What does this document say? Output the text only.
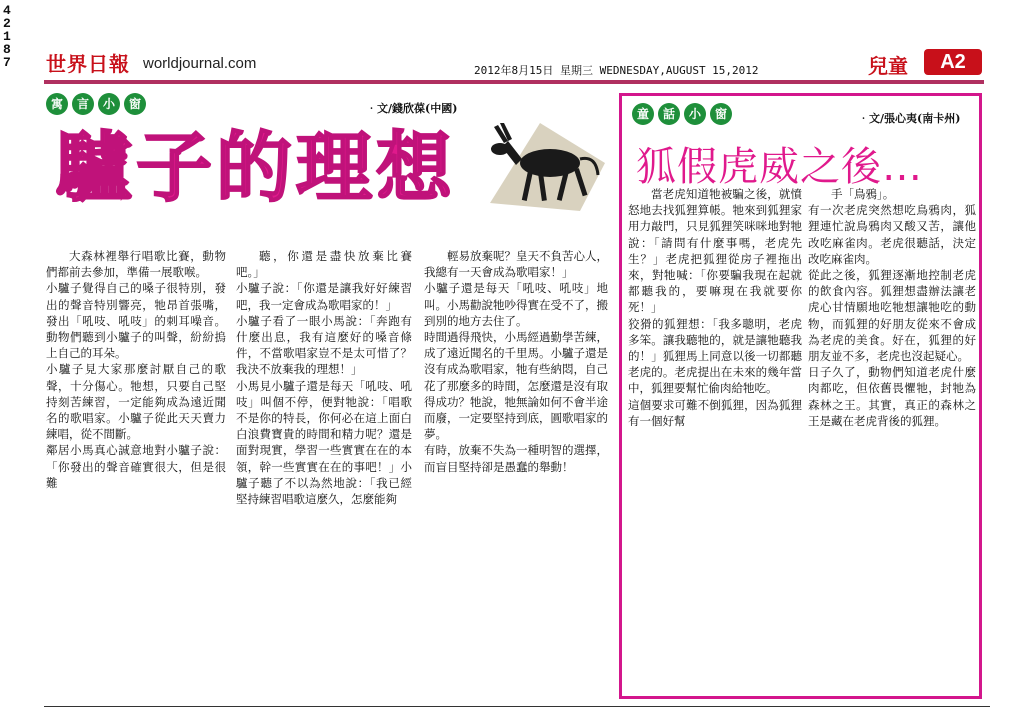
4
2
1
8
7 世界日報 worldjournal.com	2012年8月15日 星期三 WEDNESDAY,AUGUST 15,2012	兒童	A2
寓	言	小	窗	‧文/錢欣葆(中國)
驢子的理想

大森林裡舉行唱歌比賽，動物們都前去參加，準備一展歌喉。
小驢子覺得自己的嗓子很特別，發出的聲音特別響亮，牠昂首張嘴，發出「吼吱、吼吱」的刺耳噪音。動物們聽到小驢子的叫聲，紛紛摀上自己的耳朵。
小驢子見大家那麼討厭自己的歌聲，十分傷心。牠想，只要自己堅持刻苦練習，一定能夠成為遠近聞名的歌唱家。小驢子從此天天賣力練唱，從不間斷。
鄰居小馬真心誠意地對小驢子說：「你發出的聲音確實很大，但是很難

聽，你還是盡快放棄比賽吧。」
小驢子說：「你還是讓我好好練習吧，我一定會成為歌唱家的！」
小驢子看了一眼小馬說：「奔跑有什麼出息，我有這麼好的嗓音條件，不當歌唱家豈不是太可惜了？我決不放棄我的理想！」
小馬見小驢子還是每天「吼吱、吼吱」叫個不停，便對牠說：「唱歌不是你的特長，你何必在這上面白白浪費寶貴的時間和精力呢？還是面對現實，學習一些實實在在的本領，幹一些實實在在的事吧！」小驢子聽了不以為然地說：「我已經堅持練習唱歌這麼久，怎麼能夠

輕易放棄呢？皇天不負苦心人，我總有一天會成為歌唱家！」
小驢子還是每天「吼吱、吼吱」地叫。小馬勸說牠吵得實在受不了，搬到別的地方去住了。
時間過得飛快，小馬經過勤學苦練，成了遠近聞名的千里馬。小驢子還是沒有成為歌唱家，牠有些納悶，自己花了那麼多的時間，怎麼還是沒有取得成功？牠說，牠無論如何不會半途而廢，一定要堅持到底，圓歌唱家的夢。
有時，放棄不失為一種明智的選擇，而盲目堅持卻是愚蠢的舉動！

童	話	小	窗	‧文/張心夷(南卡州)
狐假虎威之後…

當老虎知道牠被騙之後，就憤怒地去找狐狸算帳。牠來到狐狸家用力敲門，只見狐狸笑咪咪地對牠說：「請問有什麼事嗎，老虎先生？」老虎把狐狸從房子裡拖出來，對牠喊：「你要騙我現在起就都聽我的，要嘛現在我就要你死！」
狡猾的狐狸想：「我多聰明，老虎多笨。讓我聽牠的，就是讓牠聽我的！」狐狸馬上同意以後一切都聽老虎的。老虎提出在未來的幾年當中，狐狸要幫忙偷肉給牠吃。
這個要求可難不倒狐狸，因為狐狸有一個好幫

手「鳥鴉」。
有一次老虎突然想吃鳥鴉肉，狐狸連忙說鳥鴉肉又酸又苦，讓他改吃麻雀肉。老虎很聽話，決定改吃麻雀肉。
從此之後，狐狸逐漸地控制老虎的飲食內容。狐狸想盡辦法讓老虎心甘情願地吃牠想讓牠吃的動物，而狐狸的好朋友從來不會成為老虎的美食。好在，狐狸的好朋友並不多，老虎也沒起疑心。
日子久了，動物們知道老虎什麼肉都吃，但依舊畏懼牠，封牠為森林之王。其實，真正的森林之王是藏在老虎背後的狐狸。
